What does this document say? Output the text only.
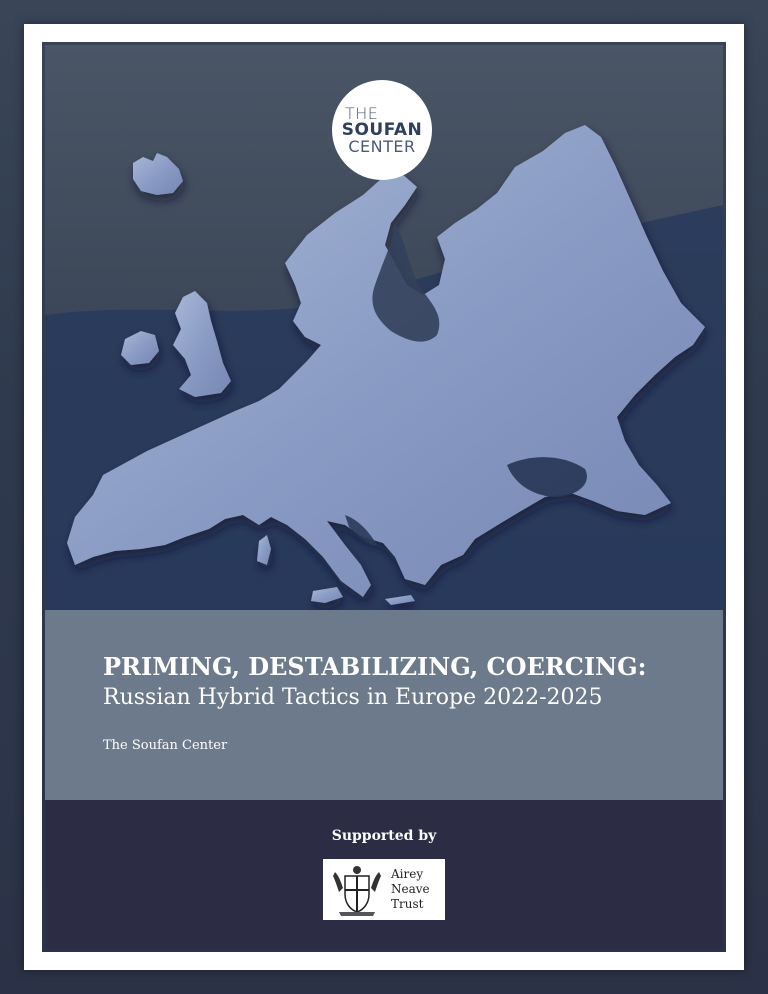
THE
SOUFAN
CENTER
PRIMING, DESTABILIZING, COERCING:
Russian Hybrid Tactics in Europe 2022-2025

The Soufan Center

Supported by
Airey
Neave
Trust
